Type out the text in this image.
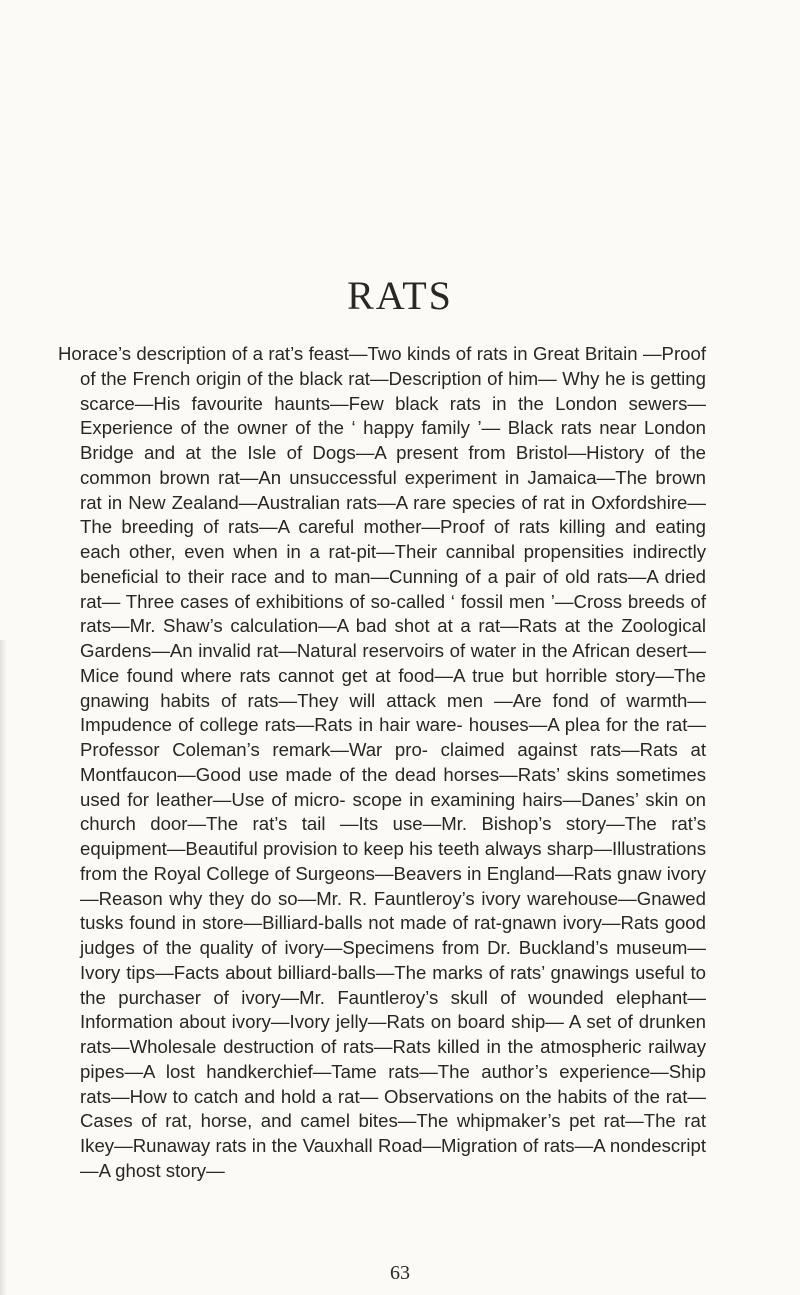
RATS

Horace’s description of a rat’s feast—Two kinds of rats in Great Britain —Proof of the French origin of the black rat—Description of him— Why he is getting scarce—His favourite haunts—Few black rats in the London sewers—Experience of the owner of the ‘ happy family ’— Black rats near London Bridge and at the Isle of Dogs—A present from Bristol—History of the common brown rat—An unsuccessful experiment in Jamaica—The brown rat in New Zealand—Australian rats—A rare species of rat in Oxfordshire—The breeding of rats—A careful mother—Proof of rats killing and eating each other, even when in a rat-pit—Their cannibal propensities indirectly beneficial to their race and to man—Cunning of a pair of old rats—A dried rat— Three cases of exhibitions of so-called ‘ fossil men ’—Cross breeds of rats—Mr. Shaw’s calculation—A bad shot at a rat—Rats at the Zoological Gardens—An invalid rat—Natural reservoirs of water in the African desert—Mice found where rats cannot get at food—A true but horrible story—The gnawing habits of rats—They will attack men —Are fond of warmth—Impudence of college rats—Rats in hair ware- houses—A plea for the rat—Professor Coleman’s remark—War pro- claimed against rats—Rats at Montfaucon—Good use made of the dead horses—Rats’ skins sometimes used for leather—Use of micro- scope in examining hairs—Danes’ skin on church door—The rat’s tail —Its use—Mr. Bishop’s story—The rat’s equipment—Beautiful provision to keep his teeth always sharp—Illustrations from the Royal College of Surgeons—Beavers in England—Rats gnaw ivory—Reason why they do so—Mr. R. Fauntleroy’s ivory warehouse—Gnawed tusks found in store—Billiard-balls not made of rat-gnawn ivory—Rats good judges of the quality of ivory—Specimens from Dr. Buckland’s museum— Ivory tips—Facts about billiard-balls—The marks of rats’ gnawings useful to the purchaser of ivory—Mr. Fauntleroy’s skull of wounded elephant—Information about ivory—Ivory jelly—Rats on board ship— A set of drunken rats—Wholesale destruction of rats—Rats killed in the atmospheric railway pipes—A lost handkerchief—Tame rats—The author’s experience—Ship rats—How to catch and hold a rat— Observations on the habits of the rat—Cases of rat, horse, and camel bites—The whipmaker’s pet rat—The rat Ikey—Runaway rats in the Vauxhall Road—Migration of rats—A nondescript—A ghost story—

63
